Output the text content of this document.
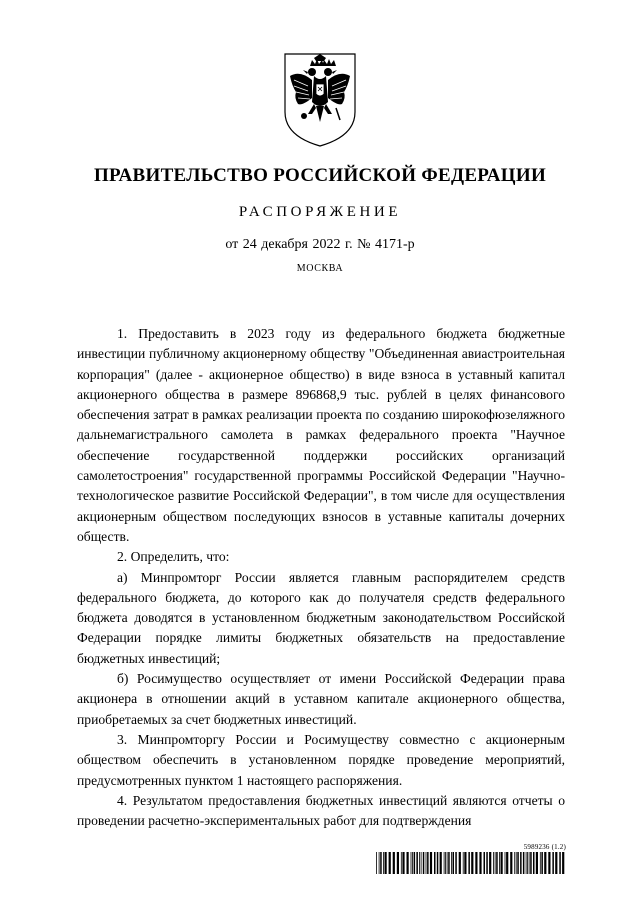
ПРАВИТЕЛЬСТВО РОССИЙСКОЙ ФЕДЕРАЦИИ
РАСПОРЯЖЕНИЕ
от 24 декабря 2022 г. № 4171-р
МОСКВА

1. Предоставить в 2023 году из федерального бюджета бюджетные инвестиции публичному акционерному обществу "Объединенная авиастроительная корпорация" (далее - акционерное общество) в виде взноса в уставный капитал акционерного общества в размере 896868,9 тыс. рублей в целях финансового обеспечения затрат в рамках реализации проекта по созданию широкофюзеляжного дальнемагистрального самолета в рамках федерального проекта "Научное обеспечение государственной поддержки российских организаций самолетостроения" государственной программы Российской Федерации "Научно-технологическое развитие Российской Федерации", в том числе для осуществления акционерным обществом последующих взносов в уставные капиталы дочерних обществ.

2. Определить, что:

а) Минпромторг России является главным распорядителем средств федерального бюджета, до которого как до получателя средств федерального бюджета доводятся в установленном бюджетным законодательством Российской Федерации порядке лимиты бюджетных обязательств на предоставление бюджетных инвестиций;

б) Росимущество осуществляет от имени Российской Федерации права акционера в отношении акций в уставном капитале акционерного общества, приобретаемых за счет бюджетных инвестиций.

3. Минпромторгу России и Росимуществу совместно с акционерным обществом обеспечить в установленном порядке проведение мероприятий, предусмотренных пунктом 1 настоящего распоряжения.

4. Результатом предоставления бюджетных инвестиций являются отчеты о проведении расчетно-экспериментальных работ для подтверждения

5989236 (1.2)
